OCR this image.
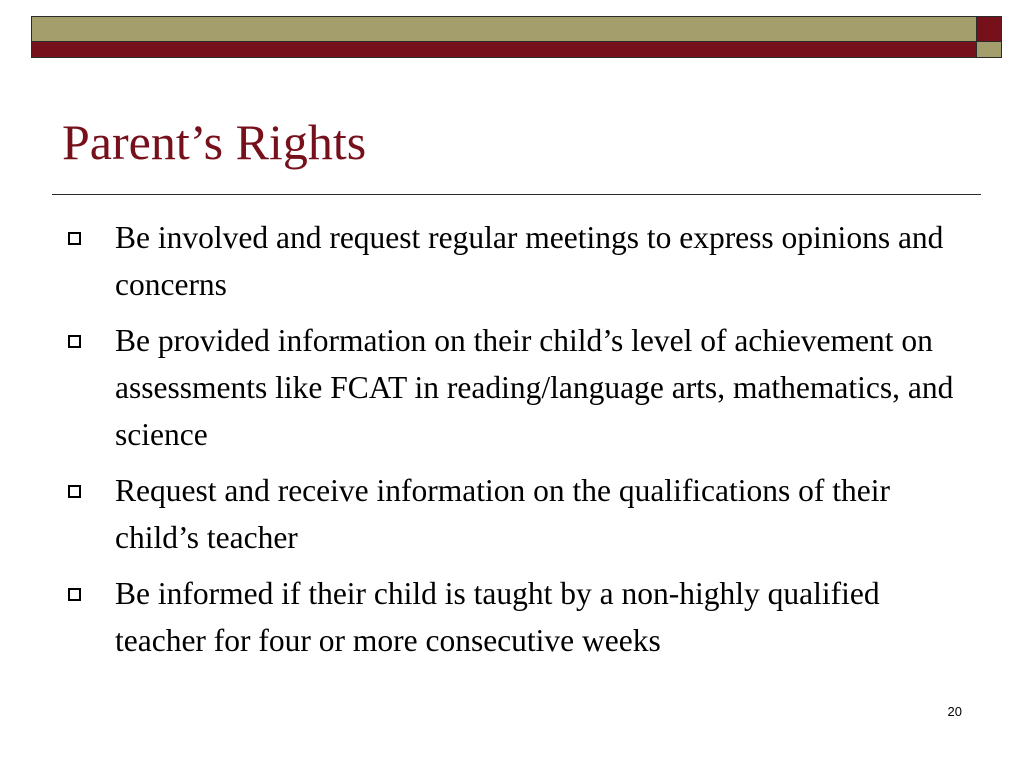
Parent’s Rights
Be involved and request regular meetings to express opinions and concerns
Be provided information on their child’s level of achievement on assessments like FCAT in reading/language arts, mathematics, and science
Request and receive information on the qualifications of their child’s teacher
Be informed if their child is taught by a non-highly qualified teacher for four or more consecutive weeks
20
